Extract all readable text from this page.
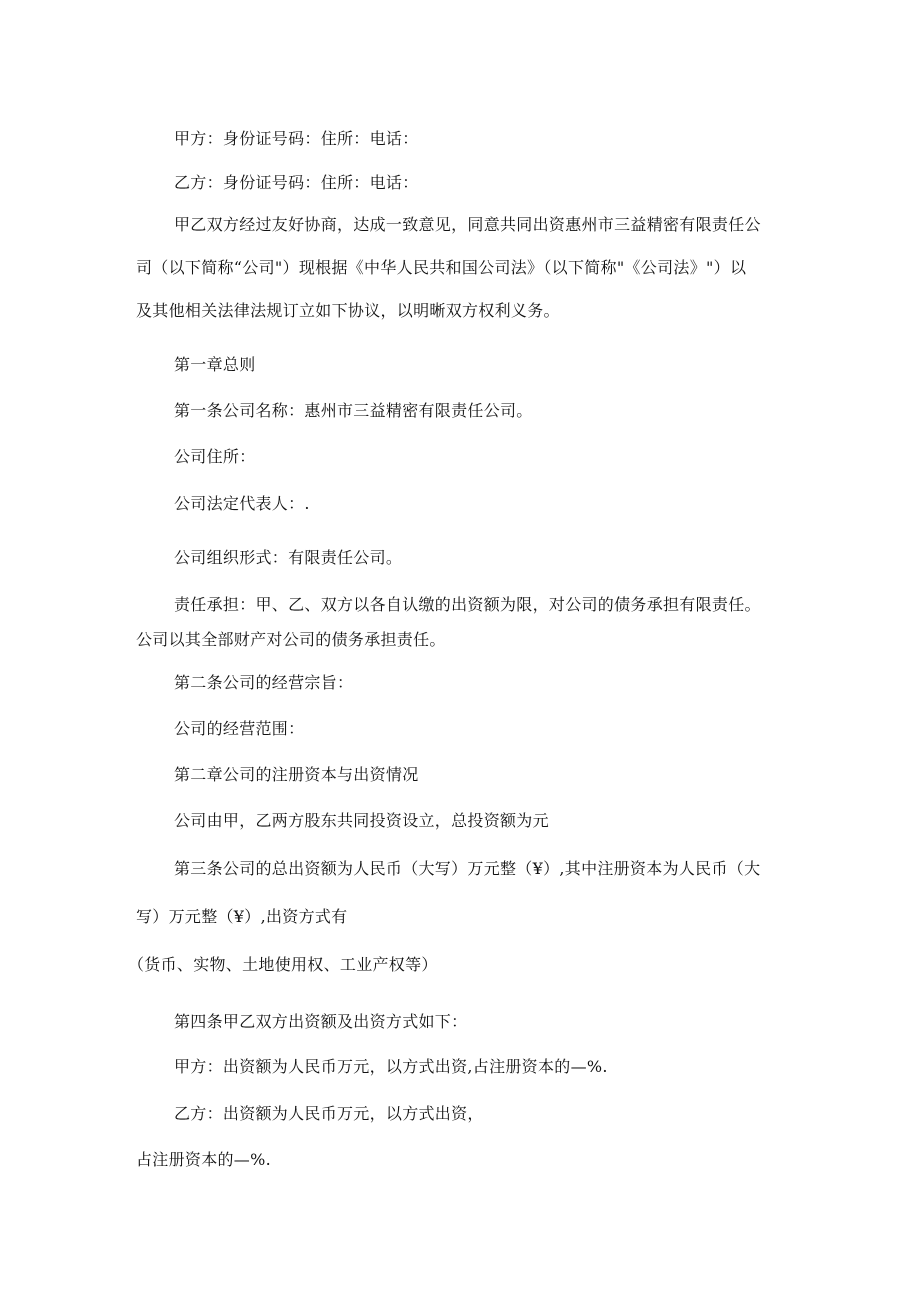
甲方：身份证号码：住所：电话：
乙方：身份证号码：住所：电话：
甲乙双方经过友好协商，达成一致意见，同意共同出资惠州市三益精密有限责任公
司（以下简称“公司"）现根据《中华人民共和国公司法》（以下简称"《公司法》"）以
及其他相关法律法规订立如下协议，以明晰双方权利义务。
第一章总则
第一条公司名称：惠州市三益精密有限责任公司。
公司住所：
公司法定代表人：.
公司组织形式：有限责任公司。
责任承担：甲、乙、双方以各自认缴的出资额为限，对公司的债务承担有限责任。
公司以其全部财产对公司的债务承担责任。
第二条公司的经营宗旨：
公司的经营范围：
第二章公司的注册资本与出资情况
公司由甲，乙两方股东共同投资设立，总投资额为元
第三条公司的总出资额为人民币（大写）万元整（¥）,其中注册资本为人民币（大
写）万元整（¥）,出资方式有
（货币、实物、土地使用权、工业产权等）
第四条甲乙双方出资额及出资方式如下：
甲方：出资额为人民币万元，以方式出资,占注册资本的—%.
乙方：出资额为人民币万元，以方式出资，
占注册资本的—%.
